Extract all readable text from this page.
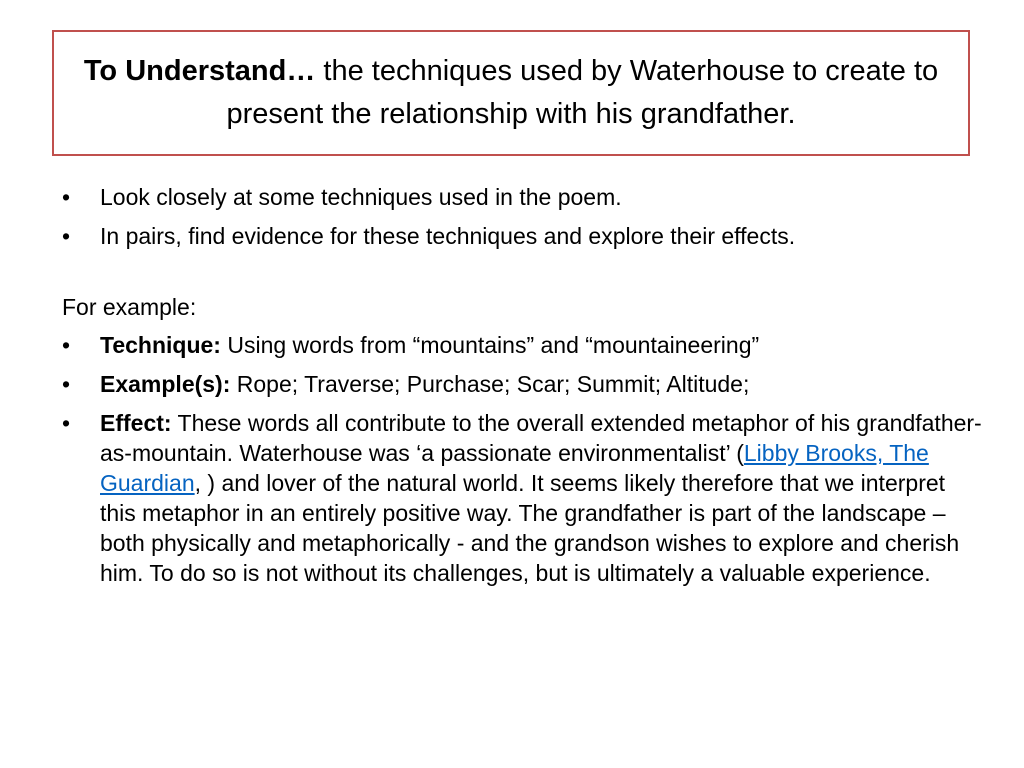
To Understand… the techniques used by Waterhouse to create to present the relationship with his grandfather.
•	Look closely at some techniques used in the poem.
•	In pairs, find evidence for these techniques and explore their effects.

For example:

•	Technique: Using words from “mountains” and “mountaineering”
•	Example(s): Rope; Traverse; Purchase; Scar; Summit; Altitude;
•	Effect: These words all contribute to the overall extended metaphor of his grandfather-as-mountain. Waterhouse was ‘a passionate environmentalist’ (Libby Brooks, The Guardian, ) and lover of the natural world. It seems likely therefore that we interpret this metaphor in an entirely positive way. The grandfather is part of the landscape – both physically and metaphorically - and the grandson wishes to explore and cherish him. To do so is not without its challenges, but is ultimately a valuable experience.
